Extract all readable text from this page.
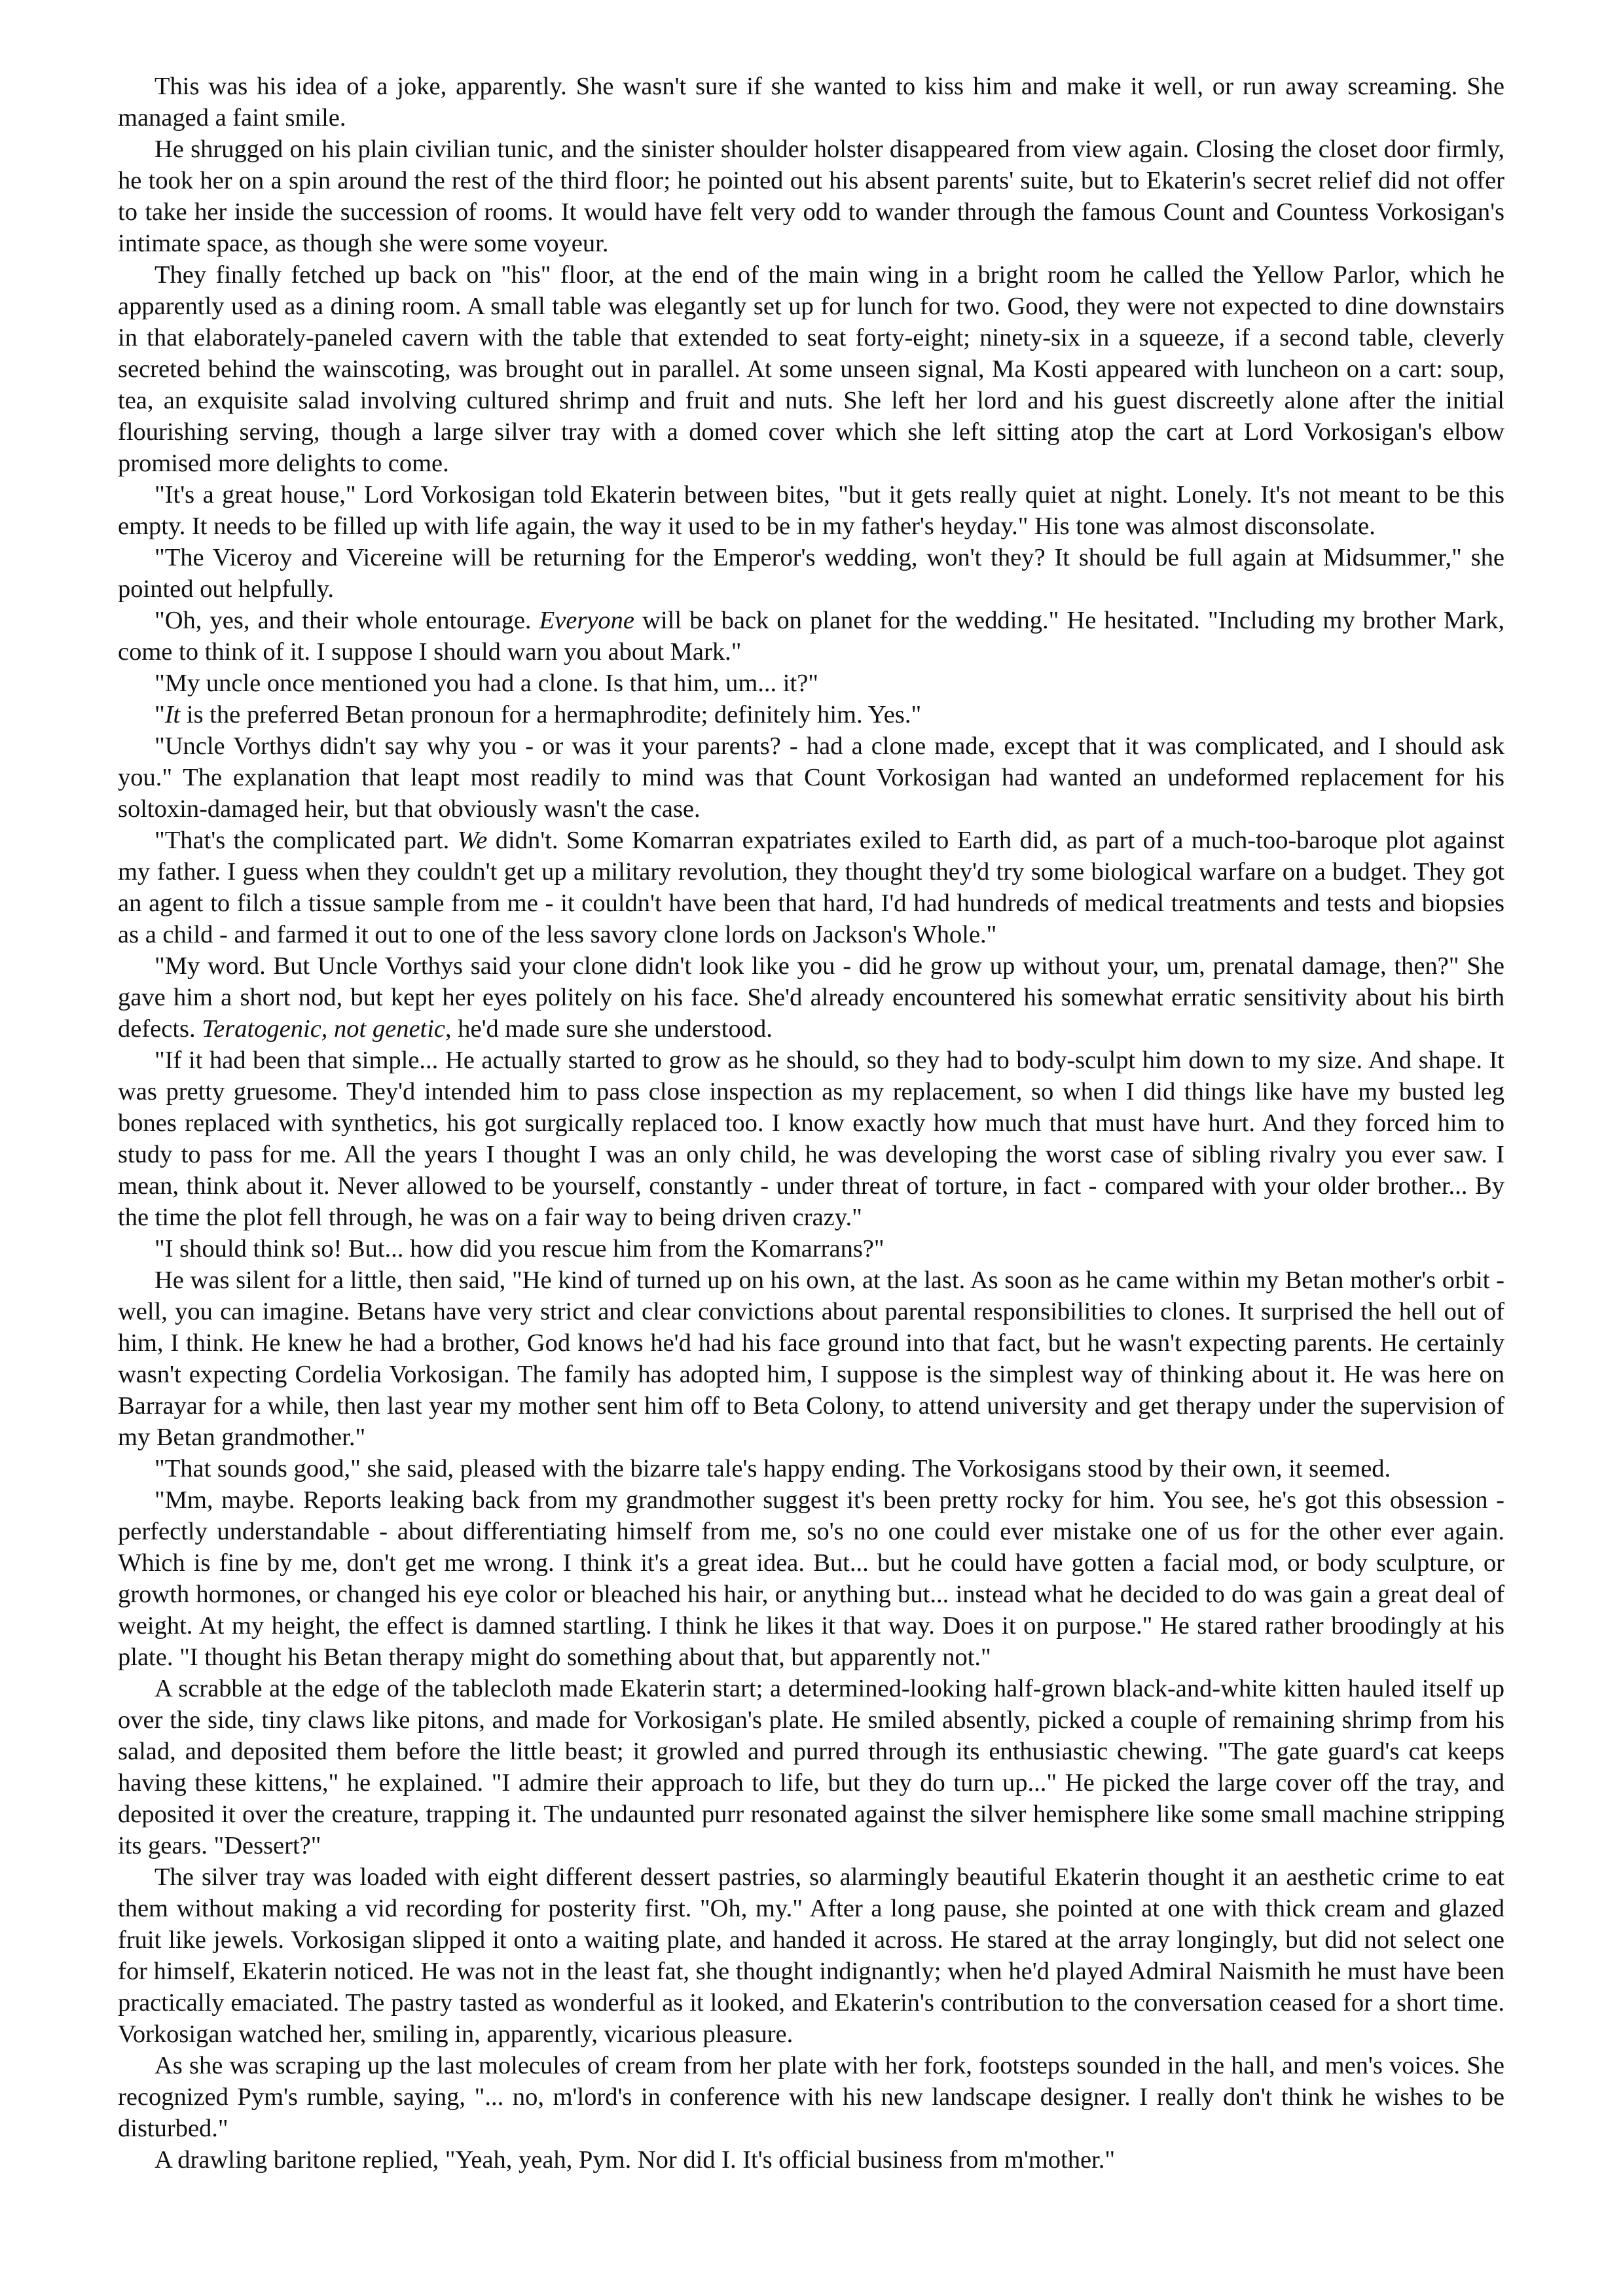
This was his idea of a joke, apparently. She wasn't sure if she wanted to kiss him and make it well, or run away screaming. She managed a faint smile.

He shrugged on his plain civilian tunic, and the sinister shoulder holster disappeared from view again. Closing the closet door firmly, he took her on a spin around the rest of the third floor; he pointed out his absent parents' suite, but to Ekaterin's secret relief did not offer to take her inside the succession of rooms. It would have felt very odd to wander through the famous Count and Countess Vorkosigan's intimate space, as though she were some voyeur.

They finally fetched up back on "his" floor, at the end of the main wing in a bright room he called the Yellow Parlor, which he apparently used as a dining room. A small table was elegantly set up for lunch for two. Good, they were not expected to dine downstairs in that elaborately-paneled cavern with the table that extended to seat forty-eight; ninety-six in a squeeze, if a second table, cleverly secreted behind the wainscoting, was brought out in parallel. At some unseen signal, Ma Kosti appeared with luncheon on a cart: soup, tea, an exquisite salad involving cultured shrimp and fruit and nuts. She left her lord and his guest discreetly alone after the initial flourishing serving, though a large silver tray with a domed cover which she left sitting atop the cart at Lord Vorkosigan's elbow promised more delights to come.

"It's a great house," Lord Vorkosigan told Ekaterin between bites, "but it gets really quiet at night. Lonely. It's not meant to be this empty. It needs to be filled up with life again, the way it used to be in my father's heyday." His tone was almost disconsolate.

"The Viceroy and Vicereine will be returning for the Emperor's wedding, won't they? It should be full again at Midsummer," she pointed out helpfully.

"Oh, yes, and their whole entourage. Everyone will be back on planet for the wedding." He hesitated. "Including my brother Mark, come to think of it. I suppose I should warn you about Mark."

"My uncle once mentioned you had a clone. Is that him, um... it?"

"It is the preferred Betan pronoun for a hermaphrodite; definitely him. Yes."

"Uncle Vorthys didn't say why you - or was it your parents? - had a clone made, except that it was complicated, and I should ask you." The explanation that leapt most readily to mind was that Count Vorkosigan had wanted an undeformed replacement for his soltoxin-damaged heir, but that obviously wasn't the case.

"That's the complicated part. We didn't. Some Komarran expatriates exiled to Earth did, as part of a much-too-baroque plot against my father. I guess when they couldn't get up a military revolution, they thought they'd try some biological warfare on a budget. They got an agent to filch a tissue sample from me - it couldn't have been that hard, I'd had hundreds of medical treatments and tests and biopsies as a child - and farmed it out to one of the less savory clone lords on Jackson's Whole."

"My word. But Uncle Vorthys said your clone didn't look like you - did he grow up without your, um, prenatal damage, then?" She gave him a short nod, but kept her eyes politely on his face. She'd already encountered his somewhat erratic sensitivity about his birth defects. Teratogenic, not genetic, he'd made sure she understood.

"If it had been that simple... He actually started to grow as he should, so they had to body-sculpt him down to my size. And shape. It was pretty gruesome. They'd intended him to pass close inspection as my replacement, so when I did things like have my busted leg bones replaced with synthetics, his got surgically replaced too. I know exactly how much that must have hurt. And they forced him to study to pass for me. All the years I thought I was an only child, he was developing the worst case of sibling rivalry you ever saw. I mean, think about it. Never allowed to be yourself, constantly - under threat of torture, in fact - compared with your older brother... By the time the plot fell through, he was on a fair way to being driven crazy."

"I should think so! But... how did you rescue him from the Komarrans?"

He was silent for a little, then said, "He kind of turned up on his own, at the last. As soon as he came within my Betan mother's orbit - well, you can imagine. Betans have very strict and clear convictions about parental responsibilities to clones. It surprised the hell out of him, I think. He knew he had a brother, God knows he'd had his face ground into that fact, but he wasn't expecting parents. He certainly wasn't expecting Cordelia Vorkosigan. The family has adopted him, I suppose is the simplest way of thinking about it. He was here on Barrayar for a while, then last year my mother sent him off to Beta Colony, to attend university and get therapy under the supervision of my Betan grandmother."

"That sounds good," she said, pleased with the bizarre tale's happy ending. The Vorkosigans stood by their own, it seemed.

"Mm, maybe. Reports leaking back from my grandmother suggest it's been pretty rocky for him. You see, he's got this obsession - perfectly understandable - about differentiating himself from me, so's no one could ever mistake one of us for the other ever again. Which is fine by me, don't get me wrong. I think it's a great idea. But... but he could have gotten a facial mod, or body sculpture, or growth hormones, or changed his eye color or bleached his hair, or anything but... instead what he decided to do was gain a great deal of weight. At my height, the effect is damned startling. I think he likes it that way. Does it on purpose." He stared rather broodingly at his plate. "I thought his Betan therapy might do something about that, but apparently not."

A scrabble at the edge of the tablecloth made Ekaterin start; a determined-looking half-grown black-and-white kitten hauled itself up over the side, tiny claws like pitons, and made for Vorkosigan's plate. He smiled absently, picked a couple of remaining shrimp from his salad, and deposited them before the little beast; it growled and purred through its enthusiastic chewing. "The gate guard's cat keeps having these kittens," he explained. "I admire their approach to life, but they do turn up..." He picked the large cover off the tray, and deposited it over the creature, trapping it. The undaunted purr resonated against the silver hemisphere like some small machine stripping its gears. "Dessert?"

The silver tray was loaded with eight different dessert pastries, so alarmingly beautiful Ekaterin thought it an aesthetic crime to eat them without making a vid recording for posterity first. "Oh, my." After a long pause, she pointed at one with thick cream and glazed fruit like jewels. Vorkosigan slipped it onto a waiting plate, and handed it across. He stared at the array longingly, but did not select one for himself, Ekaterin noticed. He was not in the least fat, she thought indignantly; when he'd played Admiral Naismith he must have been practically emaciated. The pastry tasted as wonderful as it looked, and Ekaterin's contribution to the conversation ceased for a short time. Vorkosigan watched her, smiling in, apparently, vicarious pleasure.

As she was scraping up the last molecules of cream from her plate with her fork, footsteps sounded in the hall, and men's voices. She recognized Pym's rumble, saying, "... no, m'lord's in conference with his new landscape designer. I really don't think he wishes to be disturbed."

A drawling baritone replied, "Yeah, yeah, Pym. Nor did I. It's official business from m'mother."
